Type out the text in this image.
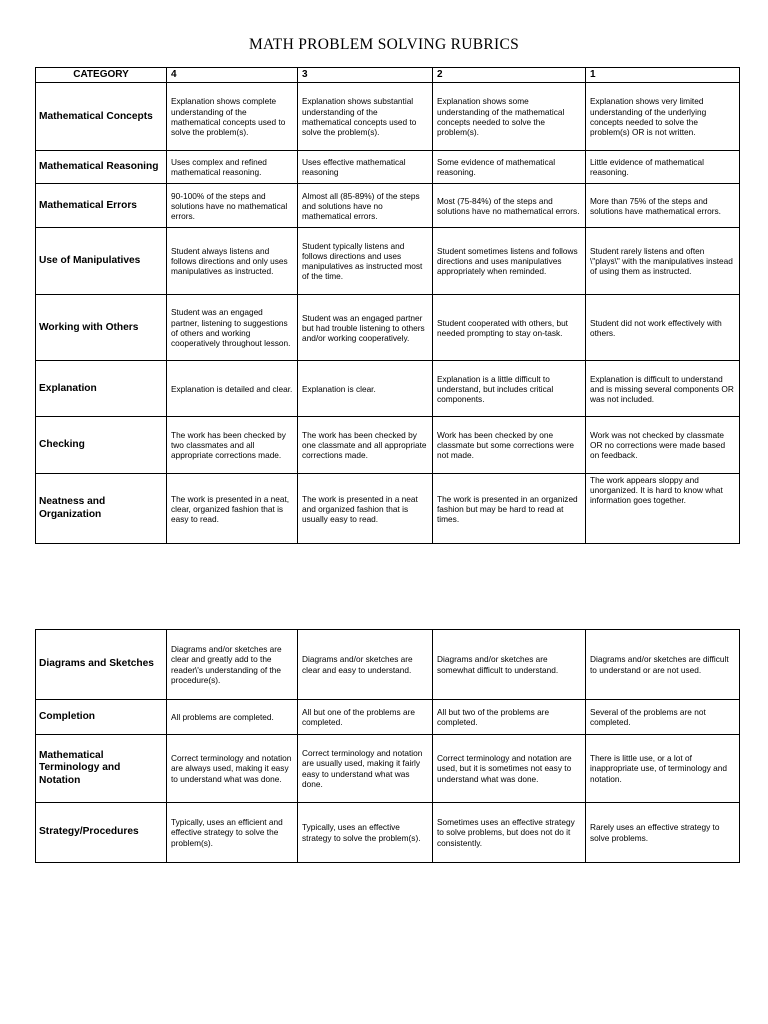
MATH PROBLEM SOLVING RUBRICS
CATEGORY	4	3	2	1
Mathematical Concepts	Explanation shows complete understanding of the mathematical concepts used to solve the problem(s).	Explanation shows substantial understanding of the mathematical concepts used to solve the problem(s).	Explanation shows some understanding of the mathematical concepts needed to solve the problem(s).	Explanation shows very limited understanding of the underlying concepts needed to solve the problem(s) OR is not written.
Mathematical Reasoning	Uses complex and refined mathematical reasoning.	Uses effective mathematical reasoning	Some evidence of mathematical reasoning.	Little evidence of mathematical reasoning.
Mathematical Errors	90-100% of the steps and solutions have no mathematical errors.	Almost all (85-89%) of the steps and solutions have no mathematical errors.	Most (75-84%) of the steps and solutions have no mathematical errors.	More than 75% of the steps and solutions have mathematical errors.
Use of Manipulatives	Student always listens and follows directions and only uses manipulatives as instructed.	Student typically listens and follows directions and uses manipulatives as instructed most of the time.	Student sometimes listens and follows directions and uses manipulatives appropriately when reminded.	Student rarely listens and often \"plays\" with the manipulatives instead of using them as instructed.
Working with Others	Student was an engaged partner, listening to suggestions of others and working cooperatively throughout lesson.	Student was an engaged partner but had trouble listening to others and/or working cooperatively.	Student cooperated with others, but needed prompting to stay on-task.	Student did not work effectively with others.
Explanation	Explanation is detailed and clear.	Explanation is clear.	Explanation is a little difficult to understand, but includes critical components.	Explanation is difficult to understand and is missing several components OR was not included.
Checking	The work has been checked by two classmates and all appropriate corrections made.	The work has been checked by one classmate and all appropriate corrections made.	Work has been checked by one classmate but some corrections were not made.	Work was not checked by classmate OR no corrections were made based on feedback.
Neatness and Organization	The work is presented in a neat, clear, organized fashion that is easy to read.	The work is presented in a neat and organized fashion that is usually easy to read.	The work is presented in an organized fashion but may be hard to read at times.	The work appears sloppy and unorganized. It is hard to know what information goes together.
Diagrams and Sketches	Diagrams and/or sketches are clear and greatly add to the reader\'s understanding of the procedure(s).	Diagrams and/or sketches are clear and easy to understand.	Diagrams and/or sketches are somewhat difficult to understand.	Diagrams and/or sketches are difficult to understand or are not used.
Completion	All problems are completed.	All but one of the problems are completed.	All but two of the problems are completed.	Several of the problems are not completed.
Mathematical Terminology and Notation	Correct terminology and notation are always used, making it easy to understand what was done.	Correct terminology and notation are usually used, making it fairly easy to understand what was done.	Correct terminology and notation are used, but it is sometimes not easy to understand what was done.	There is little use, or a lot of inappropriate use, of terminology and notation.
Strategy/Procedures	Typically, uses an efficient and effective strategy to solve the problem(s).	Typically, uses an effective strategy to solve the problem(s).	Sometimes uses an effective strategy to solve problems, but does not do it consistently.	Rarely uses an effective strategy to solve problems.
